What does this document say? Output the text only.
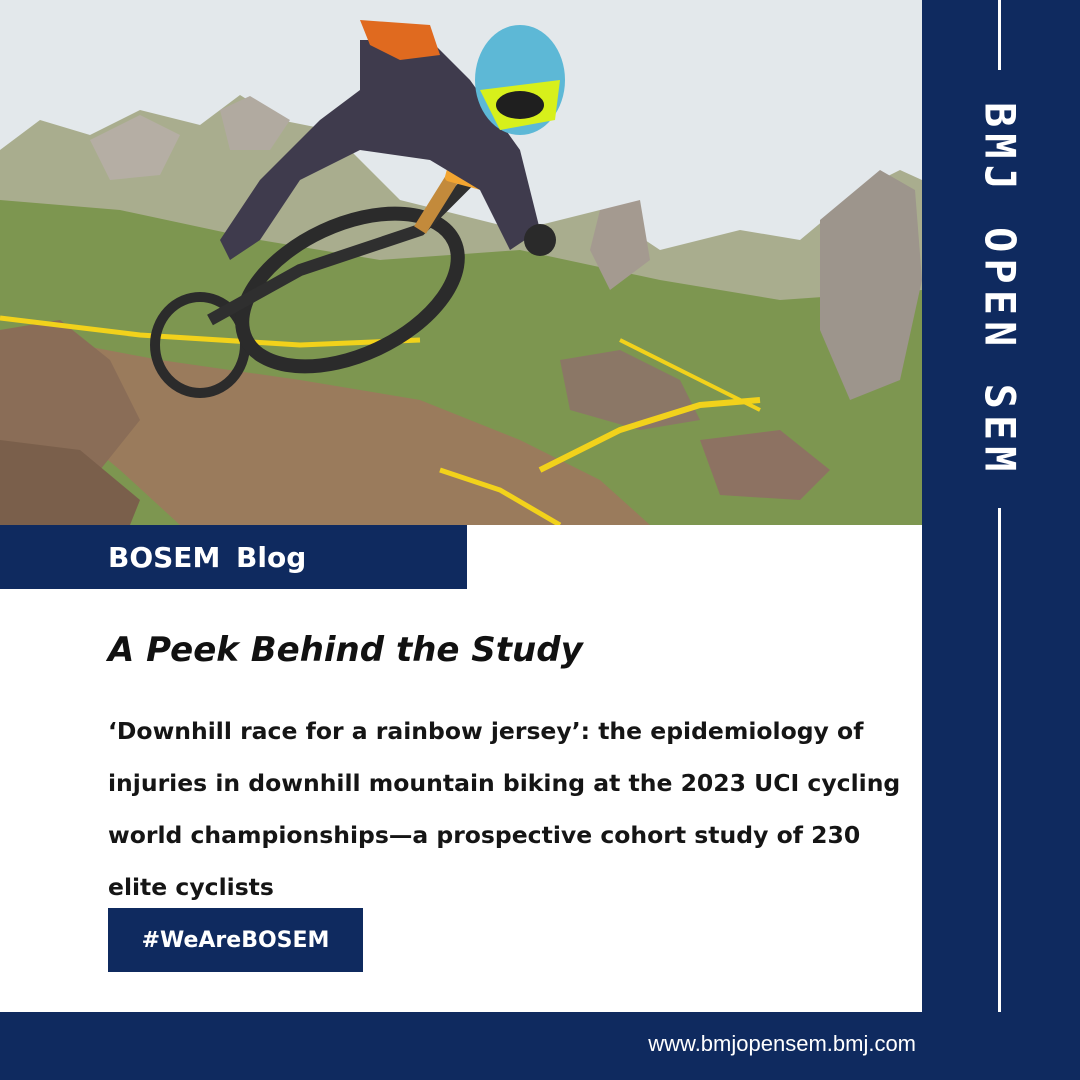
BMJ OPEN SEM
BOSEM Blog
A Peek Behind the Study
‘Downhill race for a rainbow jersey’: the epidemiology of injuries in downhill mountain biking at the 2023 UCI cycling world championships—a prospective cohort study of 230 elite cyclists
#WeAreBOSEM
www.bmjopensem.bmj.com
